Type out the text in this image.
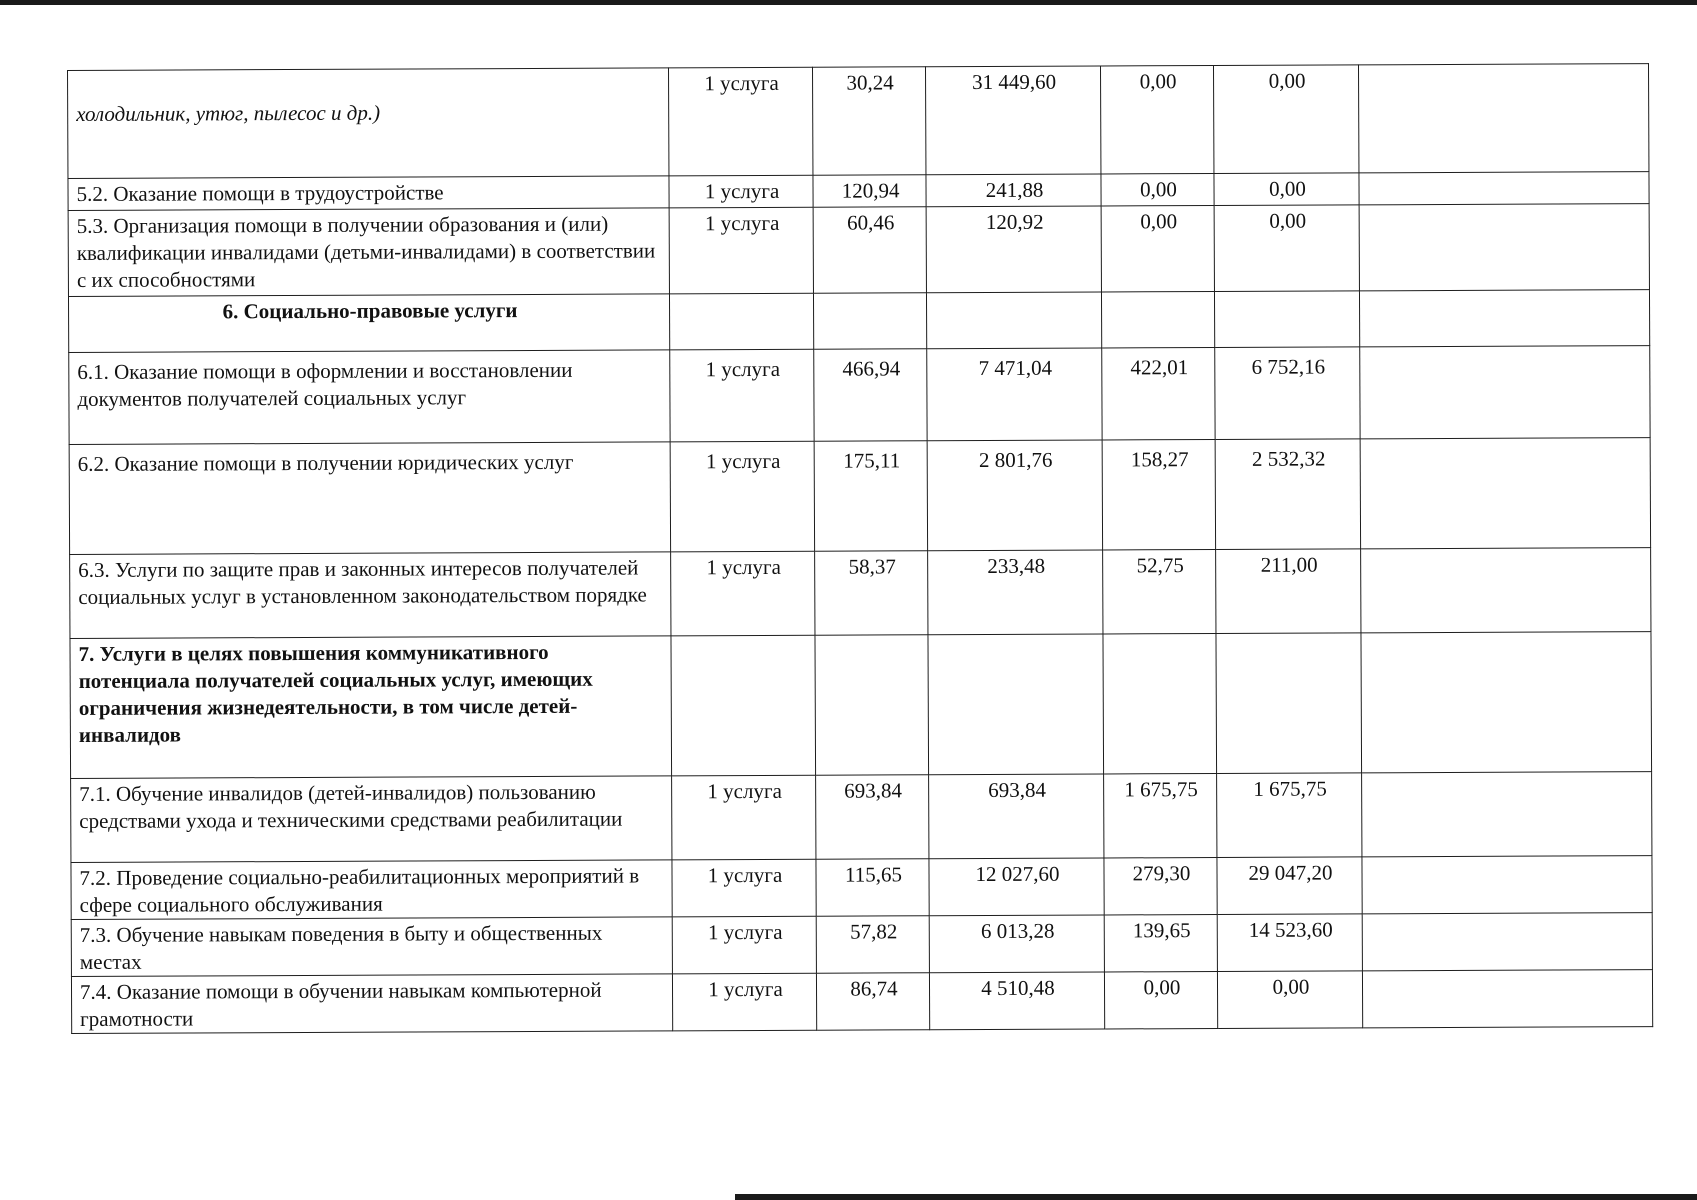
холодильник, утюг, пылесос и др.)	1 услуга	30,24	31 449,60	0,00	0,00	
5.2. Оказание помощи в трудоустройстве	1 услуга	120,94	241,88	0,00	0,00	
5.3. Организация помощи в получении образования и (или) квалификации инвалидами (детьми-инвалидами) в соответствии с их способностями	1 услуга	60,46	120,92	0,00	0,00	
6. Социально-правовые услуги						
6.1. Оказание помощи в оформлении и восстановлении документов получателей социальных услуг	1 услуга	466,94	7 471,04	422,01	6 752,16	
6.2. Оказание помощи в получении юридических услуг	1 услуга	175,11	2 801,76	158,27	2 532,32	
6.3. Услуги по защите прав и законных интересов получателей социальных услуг в установленном законодательством порядке	1 услуга	58,37	233,48	52,75	211,00	
7. Услуги в целях повышения коммуникативного потенциала получателей социальных услуг, имеющих ограничения жизнедеятельности, в том числе детей-инвалидов						
7.1. Обучение инвалидов (детей-инвалидов) пользованию средствами ухода и техническими средствами реабилитации	1 услуга	693,84	693,84	1 675,75	1 675,75	
7.2. Проведение социально-реабилитационных мероприятий в сфере социального обслуживания	1 услуга	115,65	12 027,60	279,30	29 047,20	
7.3. Обучение навыкам поведения в быту и общественных местах	1 услуга	57,82	6 013,28	139,65	14 523,60	
7.4. Оказание помощи в обучении навыкам компьютерной грамотности	1 услуга	86,74	4 510,48	0,00	0,00	
